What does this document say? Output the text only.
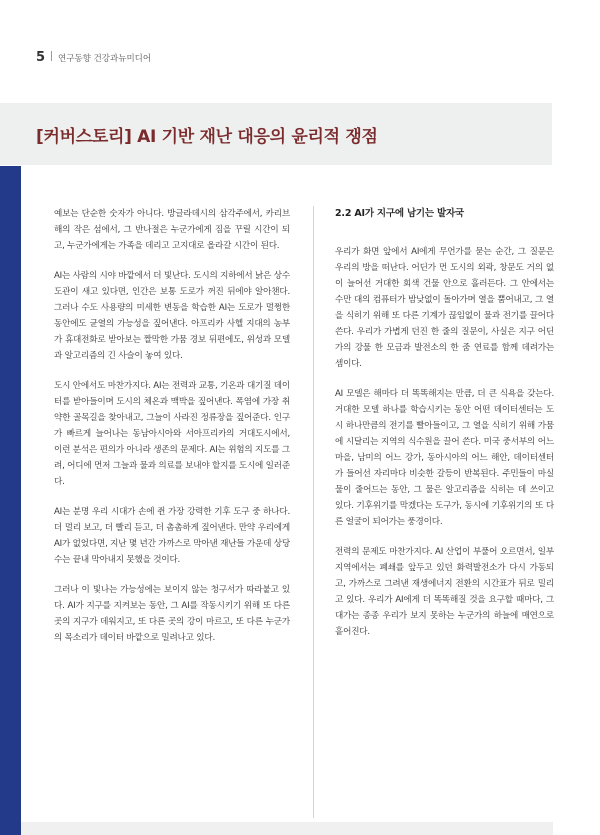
5 연구동향 건강과뉴미디어
[커버스토리] AI 기반 재난 대응의 윤리적 쟁점

예보는 단순한 숫자가 아니다. 방글라데시의 삼각주에서, 카리브해의 작은 섬에서, 그 반나절은 누군가에게 짐을 꾸릴 시간이 되고, 누군가에게는 가족을 데리고 고지대로 올라갈 시간이 된다.

AI는 사람의 시야 바깥에서 더 빛난다. 도시의 지하에서 낡은 상수도관이 새고 있다면, 인간은 보통 도로가 꺼진 뒤에야 알아챈다. 그러나 수도 사용량의 미세한 변동을 학습한 AI는 도로가 멀쩡한 동안에도 균열의 가능성을 짚어낸다. 아프리카 사헬 지대의 농부가 휴대전화로 받아보는 짤막한 가뭄 경보 뒤편에도, 위성과 모델과 알고리즘의 긴 사슬이 놓여 있다.

도시 안에서도 마찬가지다. AI는 전력과 교통, 기온과 대기질 데이터를 받아들이며 도시의 체온과 맥박을 짚어낸다. 폭염에 가장 취약한 골목길을 찾아내고, 그늘이 사라진 정류장을 짚어준다. 인구가 빠르게 늘어나는 동남아시아와 서아프리카의 거대도시에서, 이런 분석은 편의가 아니라 생존의 문제다. AI는 위험의 지도를 그려, 어디에 먼저 그늘과 물과 의료를 보내야 할지를 도시에 일러준다.

AI는 분명 우리 시대가 손에 쥔 가장 강력한 기후 도구 중 하나다. 더 멀리 보고, 더 빨리 듣고, 더 촘촘하게 짚어낸다. 만약 우리에게 AI가 없었다면, 지난 몇 년간 가까스로 막아낸 재난들 가운데 상당수는 끝내 막아내지 못했을 것이다.

그러나 이 빛나는 가능성에는 보이지 않는 청구서가 따라붙고 있다. AI가 지구를 지켜보는 동안, 그 AI를 작동시키기 위해 또 다른 곳의 지구가 데워지고, 또 다른 곳의 강이 마르고, 또 다른 누군가의 목소리가 데이터 바깥으로 밀려나고 있다.

2.2 AI가 지구에 남기는 발자국

우리가 화면 앞에서 AI에게 무언가를 묻는 순간, 그 질문은 우리의 방을 떠난다. 어딘가 먼 도시의 외곽, 창문도 거의 없이 늘어선 거대한 회색 건물 안으로 흘러든다. 그 안에서는 수만 대의 컴퓨터가 밤낮없이 돌아가며 열을 뿜어내고, 그 열을 식히기 위해 또 다른 기계가 끊임없이 물과 전기를 끌어다 쓴다. 우리가 가볍게 던진 한 줄의 질문이, 사실은 지구 어딘가의 강물 한 모금과 발전소의 한 줌 연료를 함께 데려가는 셈이다.

AI 모델은 해마다 더 똑똑해지는 만큼, 더 큰 식욕을 갖는다. 거대한 모델 하나를 학습시키는 동안 어떤 데이터센터는 도시 하나만큼의 전기를 빨아들이고, 그 열을 식히기 위해 가뭄에 시달리는 지역의 식수원을 끌어 쓴다. 미국 중서부의 어느 마을, 남미의 어느 강가, 동아시아의 어느 해안, 데이터센터가 들어선 자리마다 비슷한 갈등이 반복된다. 주민들이 마실 물이 줄어드는 동안, 그 물은 알고리즘을 식히는 데 쓰이고 있다. 기후위기를 막겠다는 도구가, 동시에 기후위기의 또 다른 얼굴이 되어가는 풍경이다.

전력의 문제도 마찬가지다. AI 산업이 부풀어 오르면서, 일부 지역에서는 폐쇄를 앞두고 있던 화력발전소가 다시 가동되고, 가까스로 그려낸 재생에너지 전환의 시간표가 뒤로 밀리고 있다. 우리가 AI에게 더 똑똑해질 것을 요구할 때마다, 그 대가는 종종 우리가 보지 못하는 누군가의 하늘에 매연으로 흩어진다.
